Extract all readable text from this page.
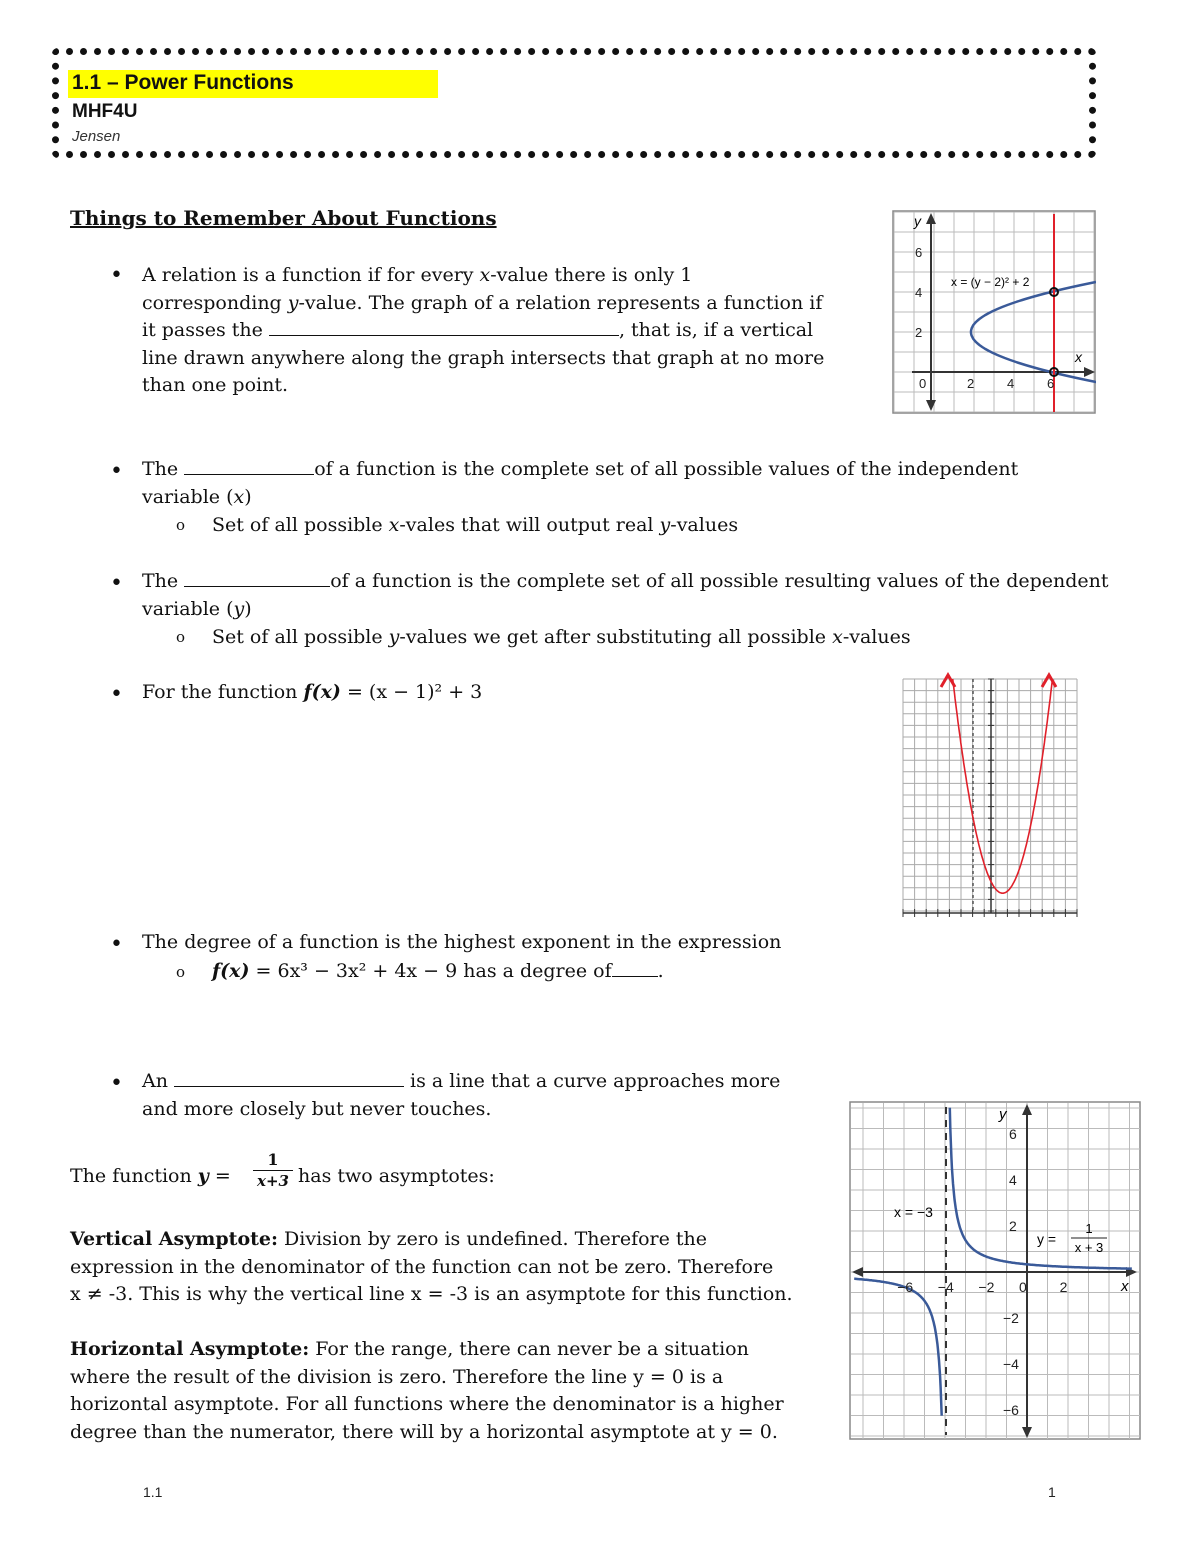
1.1 – Power Functions
MHF4U
Jensen
Things to Remember About Functions
• A relation is a function if for every x-value there is only 1
corresponding y-value. The graph of a relation represents a function if
it passes the	, that is, if a vertical
line drawn anywhere along the graph intersects that graph at no more
than one point.
y
x
x = (y − 2)² + 2
0	2	4	6
2
4
6
• The	of a function is the complete set of all possible values of the independent
variable (x)
o Set of all possible x-vales that will output real y-values
• The	of a function is the complete set of all possible resulting values of the dependent
variable (y)
o Set of all possible y-values we get after substituting all possible x-values
• For the function f(x) = (x − 1)² + 3
• The degree of a function is the highest exponent in the expression
o f(x) = 6x³ − 3x² + 4x − 9 has a degree of .
• An	is a line that a curve approaches more
and more closely but never touches.
The function y =
1
x+3 has two asymptotes:
Vertical Asymptote: Division by zero is undefined. Therefore the
expression in the denominator of the function can not be zero. Therefore
x ≠ -3. This is why the vertical line x = -3 is an asymptote for this function.
Horizontal Asymptote: For the range, there can never be a situation
where the result of the division is zero. Therefore the line y = 0 is a
horizontal asymptote. For all functions where the denominator is a higher
degree than the numerator, there will by a horizontal asymptote at y = 0.
y
x
x = −3
y =
1
x + 3
−6 −4 −2 0 2
6
4
2
−2
−4
−6
1.1	1
